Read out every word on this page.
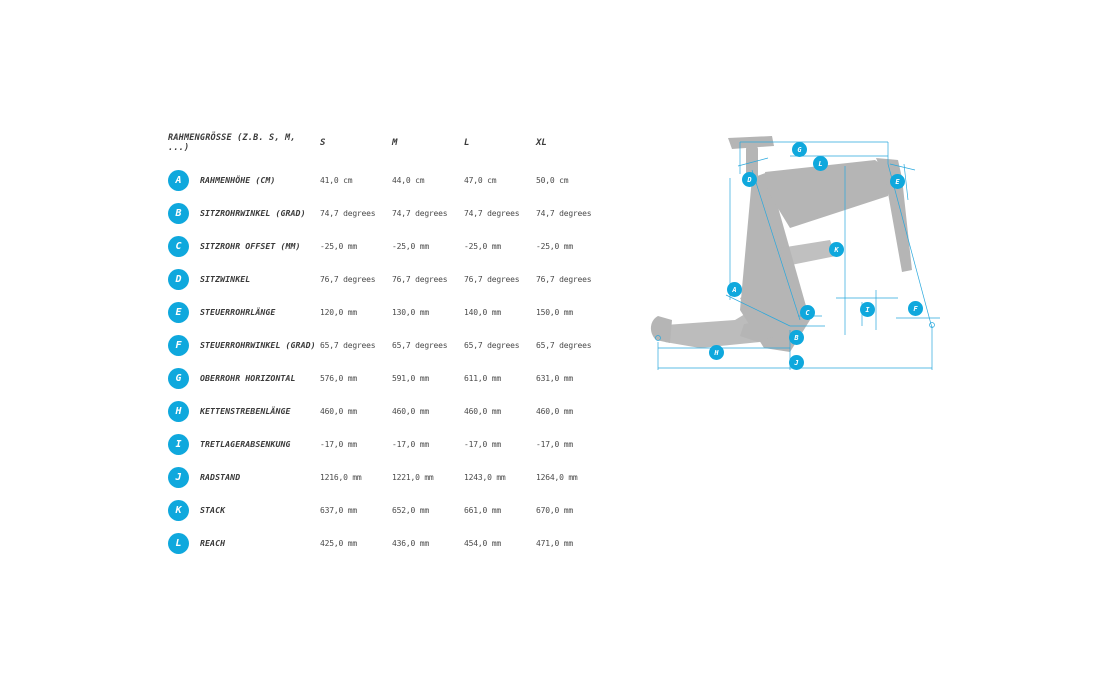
RAHMENGRÖSSE (Z.B. S, M, ...)	S	M	L	XL
A	RAHMENHÖHE (CM)	41,0 cm	44,0 cm	47,0 cm	50,0 cm
B	SITZROHRWINKEL (GRAD) 74,7 degrees	74,7 degrees	74,7 degrees	74,7 degrees
C	SITZROHR OFFSET (MM) -25,0 mm	-25,0 mm	-25,0 mm	-25,0 mm
D	SITZWINKEL	76,7 degrees	76,7 degrees	76,7 degrees	76,7 degrees
E	STEUERROHRLÄNGE	120,0 mm	130,0 mm	140,0 mm	150,0 mm
F	STEUERROHRWINKEL (GRAD) 65,7 degrees	65,7 degrees	65,7 degrees	65,7 degrees
G	OBERROHR HORIZONTAL	576,0 mm	591,0 mm	611,0 mm	631,0 mm
H	KETTENSTREBENLÄNGE	460,0 mm	460,0 mm	460,0 mm	460,0 mm
I	TRETLAGERABSENKUNG	-17,0 mm	-17,0 mm	-17,0 mm	-17,0 mm
J	RADSTAND	1216,0 mm	1221,0 mm	1243,0 mm	1264,0 mm
K	STACK	637,0 mm	652,0 mm	661,0 mm	670,0 mm
L	REACH	425,0 mm	436,0 mm	454,0 mm	471,0 mm
A
B
C
D	E
F
G
H
I
J
K
L
